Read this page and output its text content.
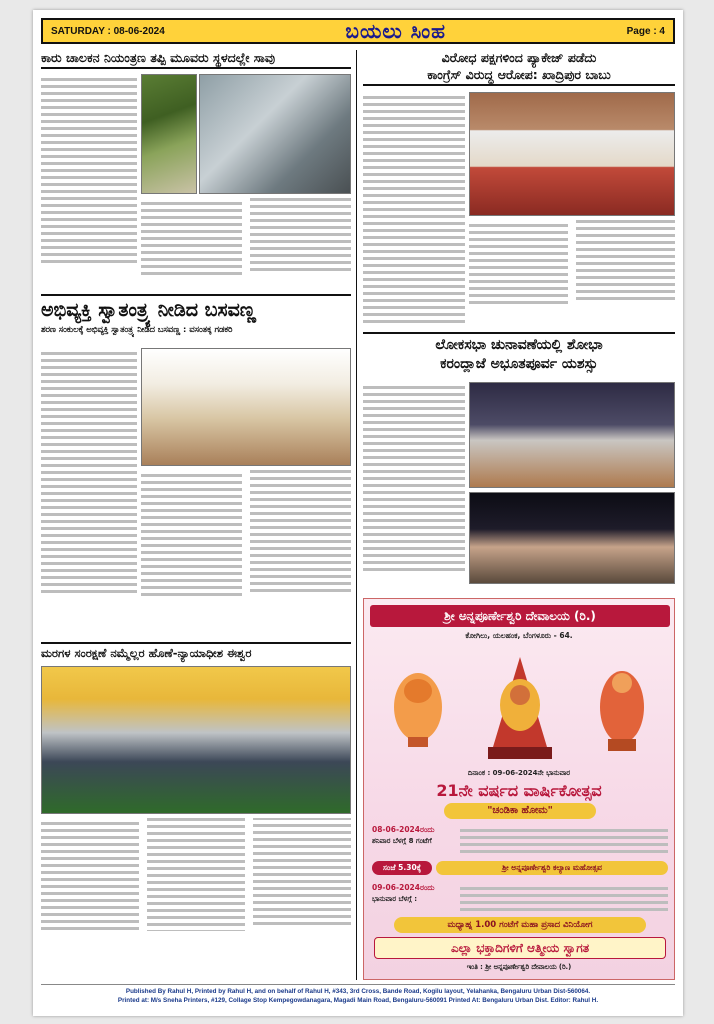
SATURDAY : 08-06-2024	ಬಯಲು ಸಿಂಹ	Page : 4
ಕಾರು ಚಾಲಕನ ನಿಯಂತ್ರಣ ತಪ್ಪಿ ಮೂವರು ಸ್ಥಳದಲ್ಲೇ ಸಾವು
ಅಭಿವ್ಯಕ್ತಿ ಸ್ವಾತಂತ್ರ್ಯ ನೀಡಿದ ಬಸವಣ್ಣ
ಶರಣ ಸಂಕುಲಕ್ಕೆ ಅಭಿವ್ಯಕ್ತಿ ಸ್ವಾತಂತ್ರ್ಯ ನೀಡಿದ ಬಸವಣ್ಣ : ವಸಂತಕ್ಕ ಗಡಕರಿ
ಮರಗಳ ಸಂರಕ್ಷಣೆ ನಮ್ಮೆಲ್ಲರ ಹೊಣೆ-ನ್ಯಾಯಾಧೀಶ ಈಶ್ವರ
ವಿರೋಧ ಪಕ್ಷಗಳಿಂದ ಪ್ಯಾಕೇಜ್ ಪಡೆದು
ಕಾಂಗ್ರೆಸ್ ವಿರುದ್ಧ ಆರೋಪ: ಖಾದ್ರಿಪುರ ಬಾಬು
ಲೋಕಸಭಾ ಚುನಾವಣೆಯಲ್ಲಿ ಶೋಭಾ
ಕರಂದ್ಲಾಜೆ ಅಭೂತಪೂರ್ವ ಯಶಸ್ಸು
ಶ್ರೀ ಅನ್ನಪೂರ್ಣೇಶ್ವರಿ ದೇವಾಲಯ (ರಿ.)
ಕೋಗಿಲು, ಯಲಹಂಕ, ಬೆಂಗಳೂರು - 64.
ದಿನಾಂಕ : 09-06-2024ನೇ ಭಾನುವಾರ
21ನೇ ವರ್ಷದ ವಾರ್ಷಿಕೋತ್ಸವ
"ಚಂಡಿಕಾ ಹೋಮ"
08-06-2024ರಂದು
ಶನಿವಾರ ಬೆಳಗ್ಗೆ 8 ಗಂಟೆಗೆ
ಸಂಜೆ 5.30ಕ್ಕೆ	ಶ್ರೀ ಅನ್ನಪೂರ್ಣೇಶ್ವರಿ ಕಲ್ಯಾಣ ಮಹೋತ್ಸವ
09-06-2024ರಂದು
ಭಾನುವಾರ ಬೆಳಗ್ಗೆ :
ಮಧ್ಯಾಹ್ನ 1.00 ಗಂಟೆಗೆ ಮಹಾ ಪ್ರಸಾದ ವಿನಿಯೋಗ
ಎಲ್ಲಾ ಭಕ್ತಾದಿಗಳಿಗೆ ಆತ್ಮೀಯ ಸ್ವಾಗತ
ಇಂತಿ : ಶ್ರೀ ಅನ್ನಪೂರ್ಣೇಶ್ವರಿ ದೇವಾಲಯ (ರಿ.)
Published By Rahul H, Printed by Rahul H, and on behalf of Rahul H, #343, 3rd Cross, Bande Road, Kogilu layout, Yelahanka, Bengaluru Urban Dist-560064.
Printed at: M/s Sneha Printers, #129, Collage Stop Kempegowdanagara, Magadi Main Road, Bengaluru-560091 Printed At: Bengaluru Urban Dist. Editor: Rahul H.
